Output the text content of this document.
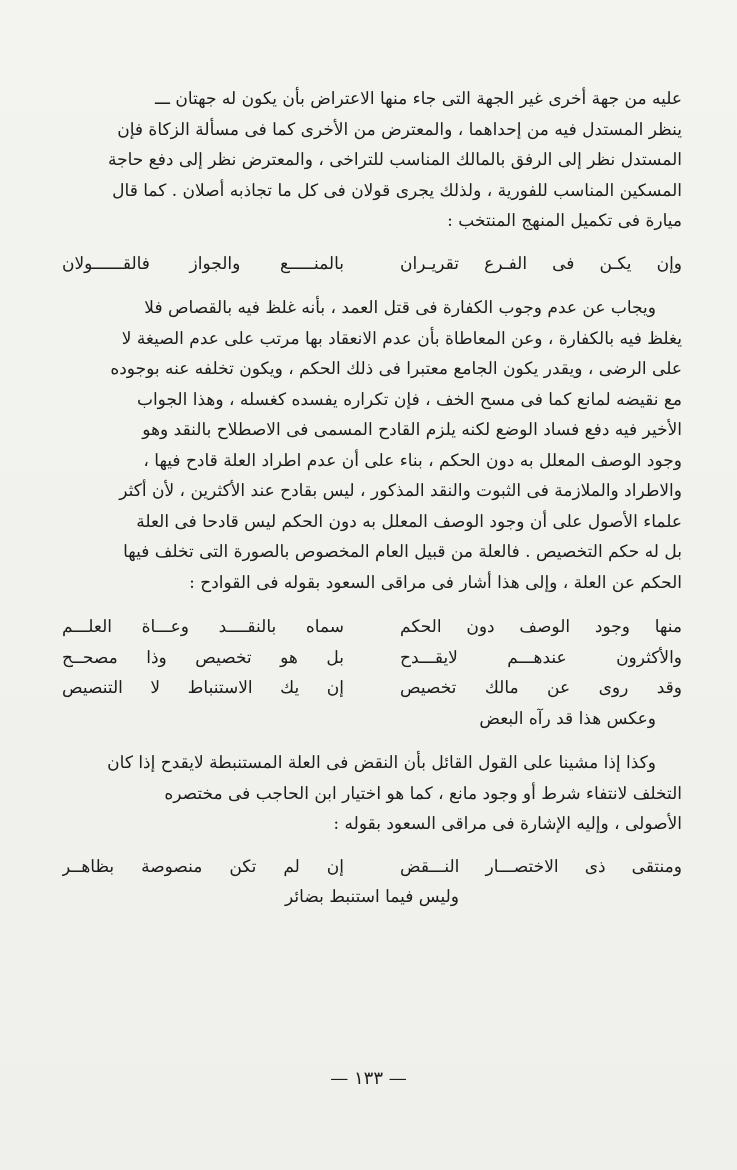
عليه من جهة أخرى غير الجهة التى جاء منها الاعتراض بأن يكون له جهتان ـــ
ينظر المستدل فيه من إحداهما ، والمعترض من الأخرى كما فى مسألة الزكاة فإن
المستدل نظر إلى الرفق بالمالك المناسب للتراخى ، والمعترض نظر إلى دفع حاجة
المسكين المناسب للفورية ، ولذلك يجرى قولان فى كل ما تجاذبه أصلان . كما قال
ميارة فى تكميل المنهج المنتخب :

وإن يكـن فى الفـرع تقريـران
بالمنـــــع والجواز فالقــــــولان

ويجاب عن عدم وجوب الكفارة فى قتل العمد ، بأنه غلظ فيه بالقصاص فلا
يغلظ فيه بالكفارة ، وعن المعاطاة بأن عدم الانعقاد بها مرتب على عدم الصيغة لا
على الرضى ، ويقدر يكون الجامع معتبرا فى ذلك الحكم ، ويكون تخلفه عنه بوجوده
مع نقيضه لمانع كما فى مسح الخف ، فإن تكراره يفسده كغسله ، وهذا الجواب
الأخير فيه دفع فساد الوضع لكنه يلزم القادح المسمى فى الاصطلاح بالنقد وهو
وجود الوصف المعلل به دون الحكم ، بناء على أن عدم اطراد العلة قادح فيها ،
والاطراد والملازمة فى الثبوت والنقد المذكور ، ليس بقادح عند الأكثرين ، لأن أكثر
علماء الأصول على أن وجود الوصف المعلل به دون الحكم ليس قادحا فى العلة
بل له حكم التخصيص . فالعلة من قبيل العام المخصوص بالصورة التى تخلف فيها
الحكم عن العلة ، وإلى هذا أشار فى مراقى السعود بقوله فى القوادح :

منها وجود الوصف دون الحكم
سماه بالنقــــد وعـــاة العلـــم
والأكثرون عندهـــم لايقـــدح
بل هو تخصيص وذا مصحــح
وقد روى عن مالك تخصيص
إن يك الاستنباط لا التنصيص
وعكس هذا قد رآه البعض

وكذا إذا مشينا على القول القائل بأن النقض فى العلة المستنبطة لايقدح إذا كان
التخلف لانتفاء شرط أو وجود مانع ، كما هو اختيار ابن الحاجب فى مختصره
الأصولى ، وإليه الإشارة فى مراقى السعود بقوله :

ومنتقى ذى الاختصـــار النـــقض
إن لم تكن منصوصة بظاهــر
وليس فيما استنبط بضائر
— ١٣٣ —
